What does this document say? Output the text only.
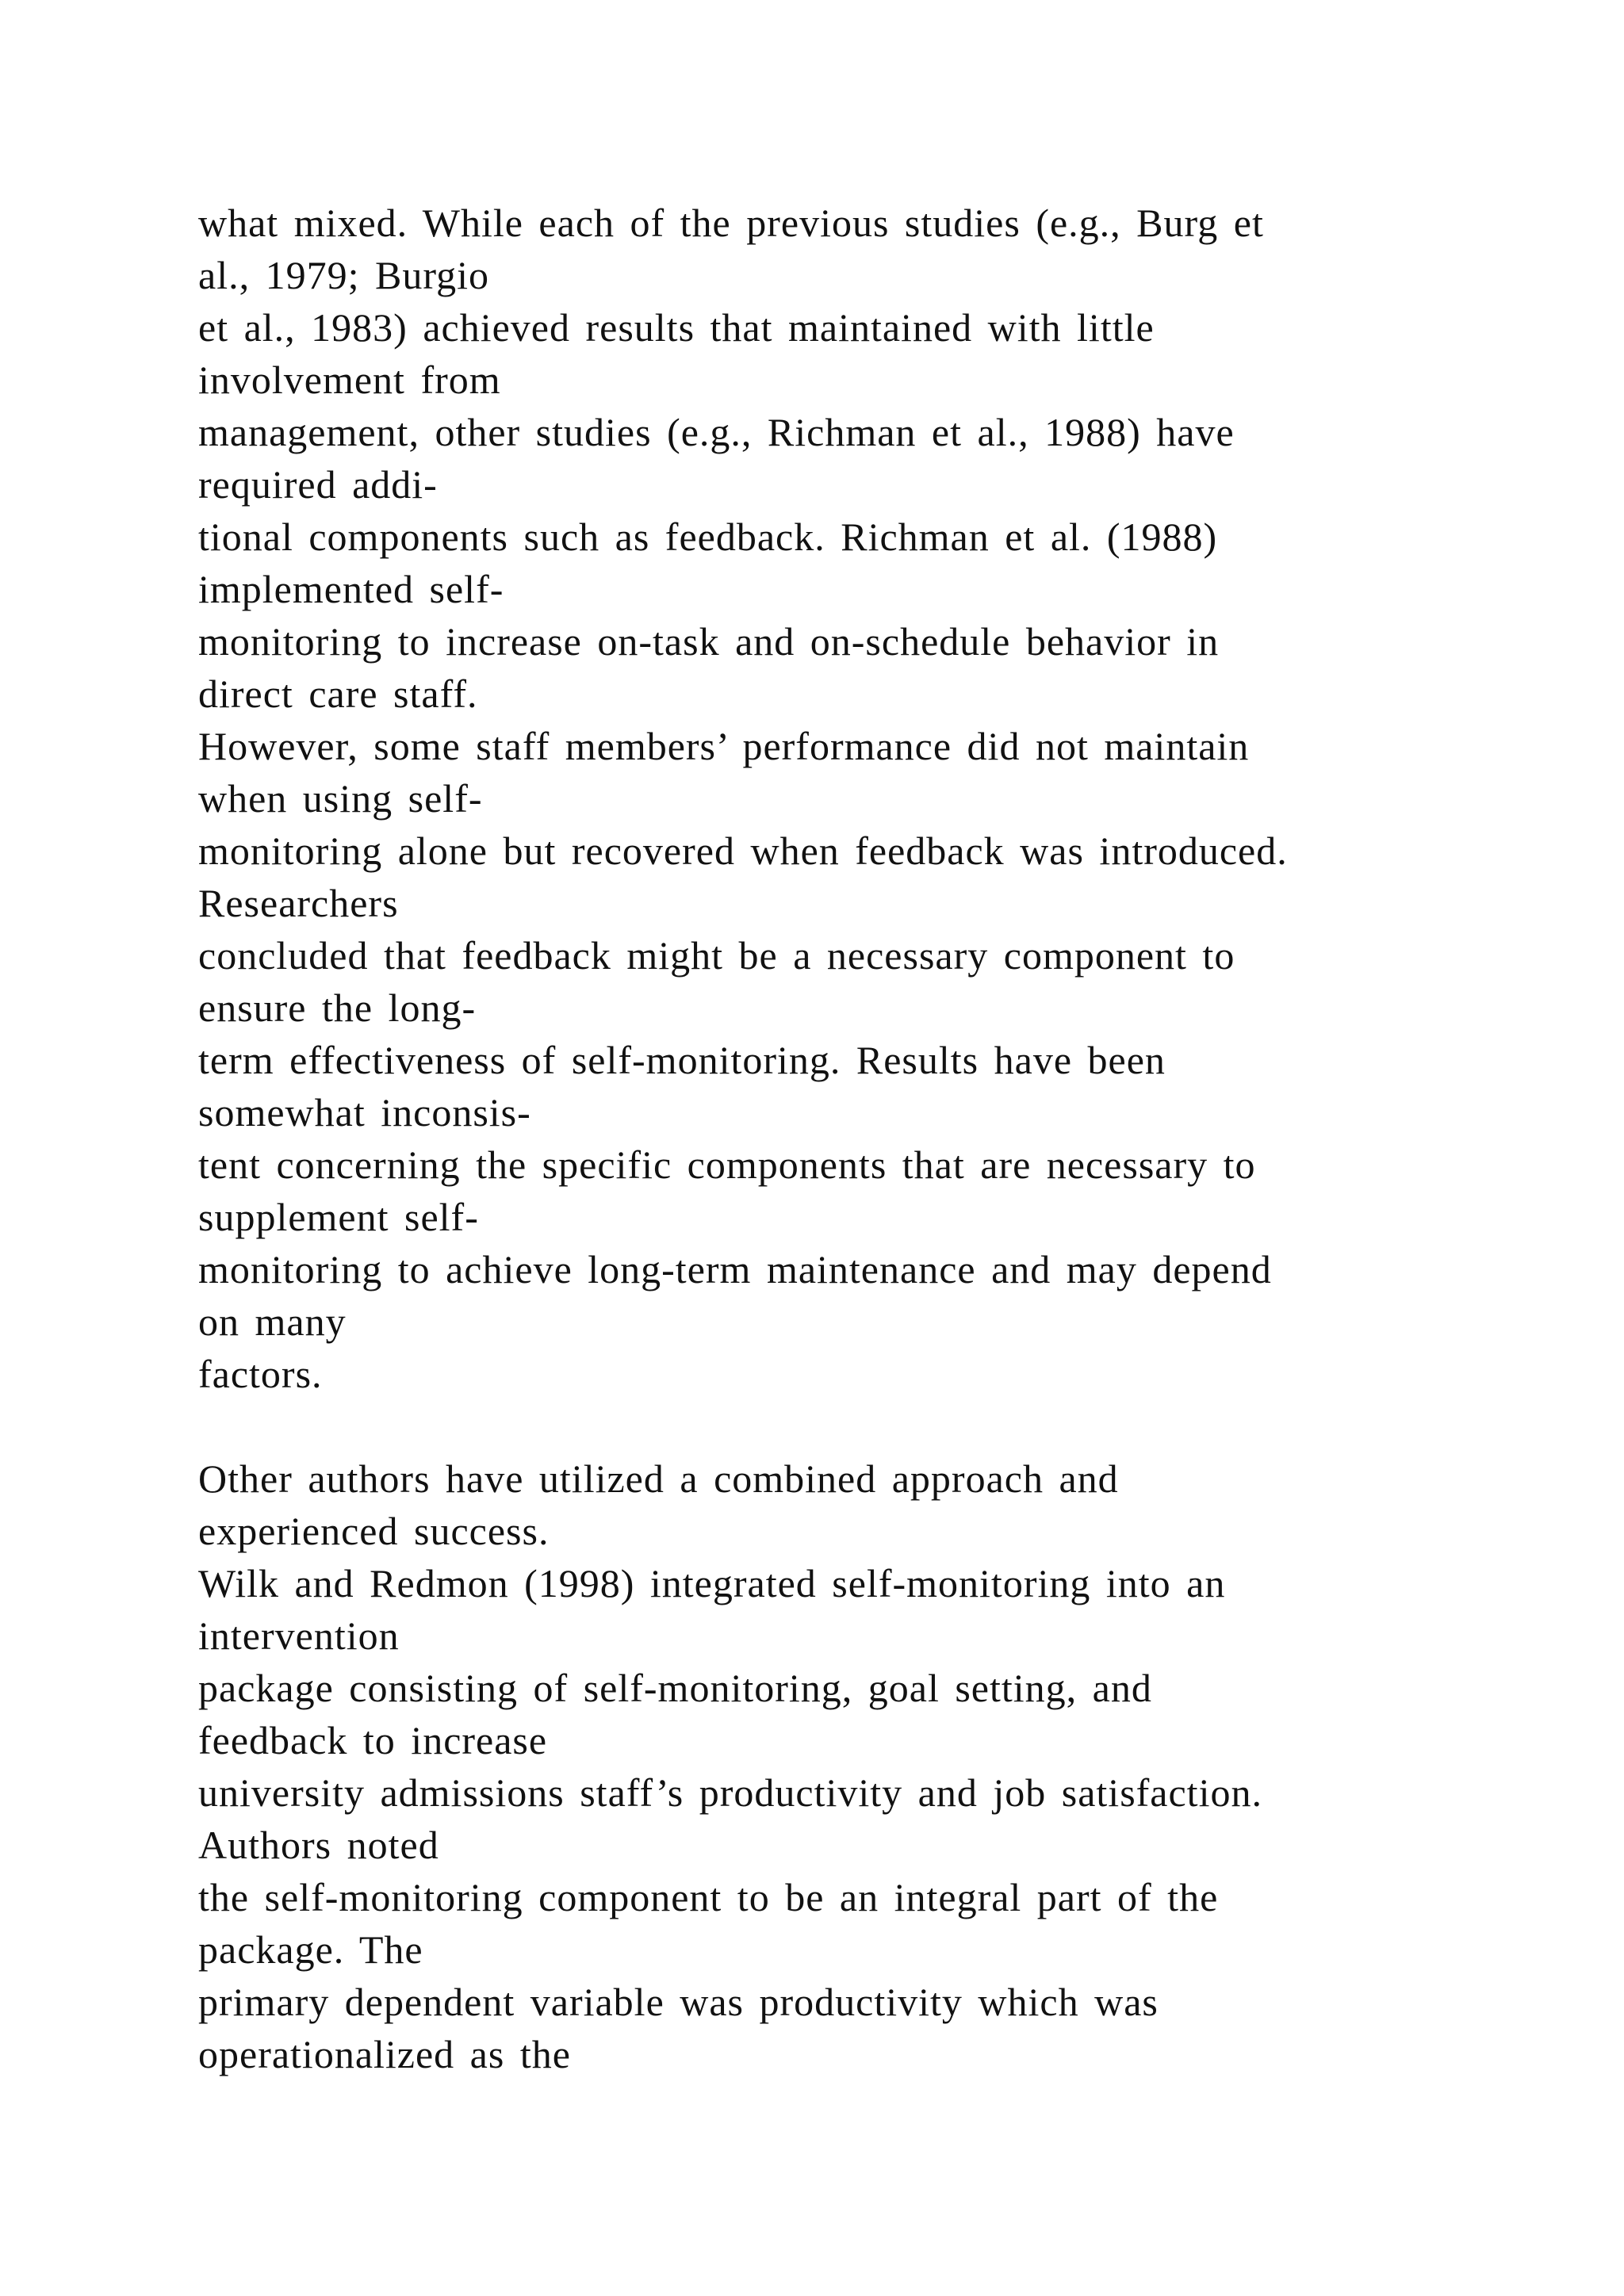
what mixed. While each of the previous studies (e.g., Burg et
al., 1979; Burgio
et al., 1983) achieved results that maintained with little
involvement from
management, other studies (e.g., Richman et al., 1988) have
required addi-
tional components such as feedback. Richman et al. (1988)
implemented self-
monitoring to increase on-task and on-schedule behavior in
direct care staff.
However, some staff members’ performance did not maintain
when using self-
monitoring alone but recovered when feedback was introduced.
Researchers
concluded that feedback might be a necessary component to
ensure the long-
term effectiveness of self-monitoring. Results have been
somewhat inconsis-
tent concerning the specific components that are necessary to
supplement self-
monitoring to achieve long-term maintenance and may depend
on many
factors.
Other authors have utilized a combined approach and
experienced success.
Wilk and Redmon (1998) integrated self-monitoring into an
intervention
package consisting of self-monitoring, goal setting, and
feedback to increase
university admissions staff’s productivity and job satisfaction.
Authors noted
the self-monitoring component to be an integral part of the
package. The
primary dependent variable was productivity which was
operationalized as the
